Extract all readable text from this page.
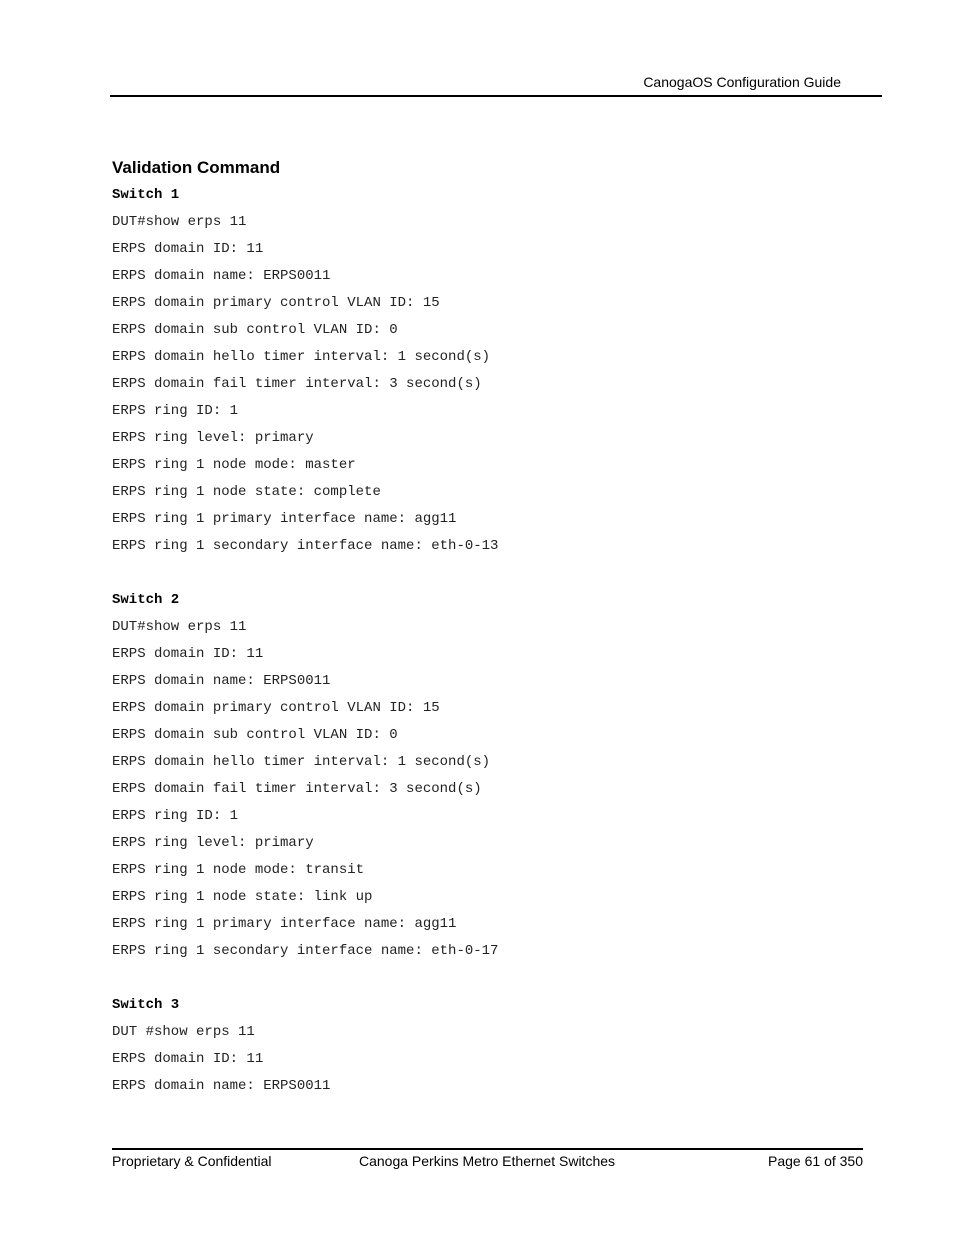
CanogaOS Configuration Guide
Validation Command
Switch 1
DUT#show erps 11
ERPS domain ID: 11
ERPS domain name: ERPS0011
ERPS domain primary control VLAN ID: 15
ERPS domain sub control VLAN ID: 0
ERPS domain hello timer interval: 1 second(s)
ERPS domain fail timer interval: 3 second(s)
ERPS ring ID: 1
ERPS ring level: primary
ERPS ring 1 node mode: master
ERPS ring 1 node state: complete
ERPS ring 1 primary interface name: agg11
ERPS ring 1 secondary interface name: eth-0-13
Switch 2
DUT#show erps 11
ERPS domain ID: 11
ERPS domain name: ERPS0011
ERPS domain primary control VLAN ID: 15
ERPS domain sub control VLAN ID: 0
ERPS domain hello timer interval: 1 second(s)
ERPS domain fail timer interval: 3 second(s)
ERPS ring ID: 1
ERPS ring level: primary
ERPS ring 1 node mode: transit
ERPS ring 1 node state: link up
ERPS ring 1 primary interface name: agg11
ERPS ring 1 secondary interface name: eth-0-17
Switch 3
DUT #show erps 11
ERPS domain ID: 11
ERPS domain name: ERPS0011
Proprietary & Confidential	Canoga Perkins Metro Ethernet Switches	Page 61 of 350
